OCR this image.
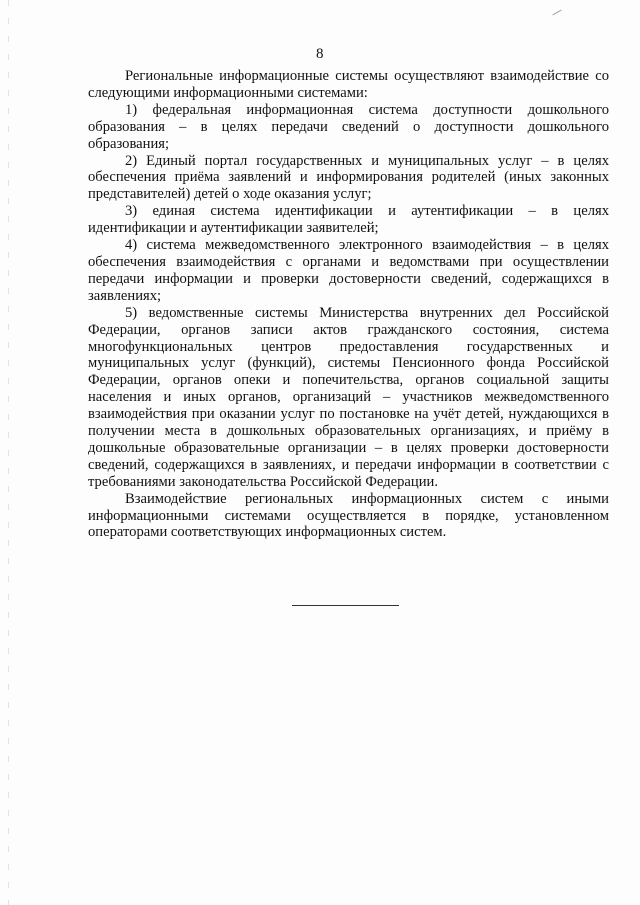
8

Региональные информационные системы осуществляют взаимодействие со следующими информационными системами:

1) федеральная информационная система доступности дошкольного образования – в целях передачи сведений о доступности дошкольного образования;

2) Единый портал государственных и муниципальных услуг – в целях обеспечения приёма заявлений и информирования родителей (иных законных представителей) детей о ходе оказания услуг;

3) единая система идентификации и аутентификации – в целях идентификации и аутентификации заявителей;

4) система межведомственного электронного взаимодействия – в целях обеспечения взаимодействия с органами и ведомствами при осуществлении передачи информации и проверки достоверности сведений, содержащихся в заявлениях;

5) ведомственные системы Министерства внутренних дел Российской Федерации, органов записи актов гражданского состояния, система многофункциональных центров предоставления государственных и муниципальных услуг (функций), системы Пенсионного фонда Российской Федерации, органов опеки и попечительства, органов социальной защиты населения и иных органов, организаций – участников межведомственного взаимодействия при оказании услуг по постановке на учёт детей, нуждающихся в получении места в дошкольных образовательных организациях, и приёму в дошкольные образовательные организации – в целях проверки достоверности сведений, содержащихся в заявлениях, и передачи информации в соответствии с требованиями законодательства Российской Федерации.

Взаимодействие региональных информационных систем с иными информационными системами осуществляется в порядке, установленном операторами соответствующих информационных систем.
